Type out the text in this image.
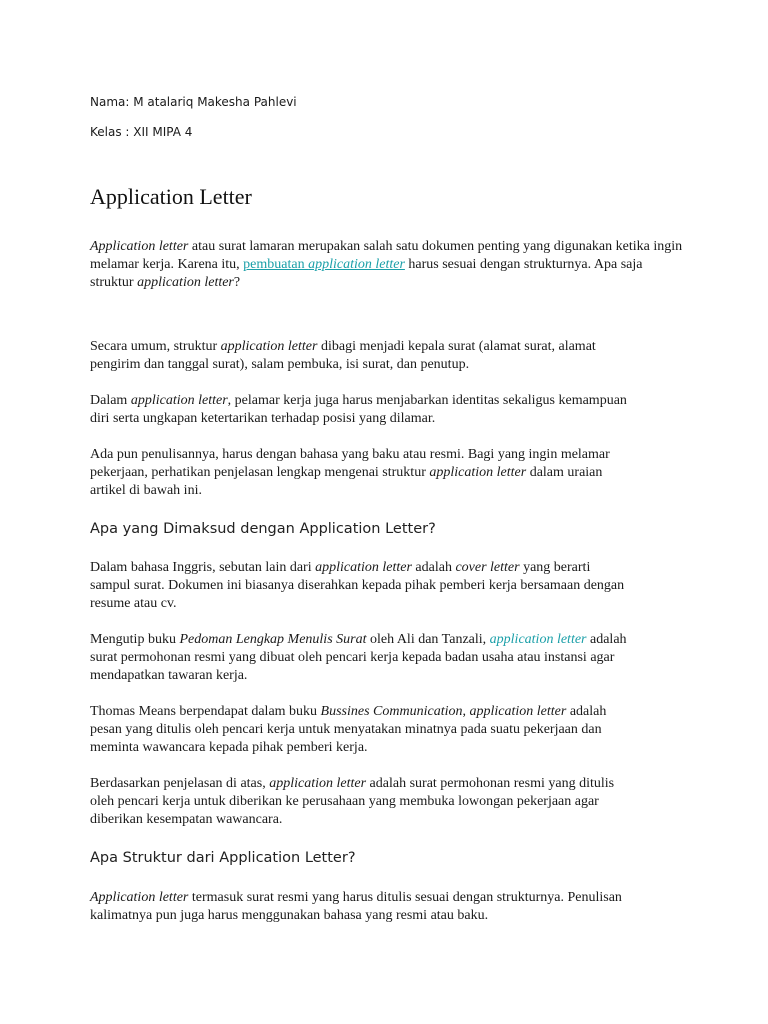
Nama: M atalariq Makesha Pahlevi
Kelas : XII MIPA 4
Application Letter
Application letter atau surat lamaran merupakan salah satu dokumen penting yang digunakan ketika ingin
melamar kerja. Karena itu, pembuatan application letter harus sesuai dengan strukturnya. Apa saja
struktur application letter?
Secara umum, struktur application letter dibagi menjadi kepala surat (alamat surat, alamat
pengirim dan tanggal surat), salam pembuka, isi surat, dan penutup.
Dalam application letter, pelamar kerja juga harus menjabarkan identitas sekaligus kemampuan
diri serta ungkapan ketertarikan terhadap posisi yang dilamar.
Ada pun penulisannya, harus dengan bahasa yang baku atau resmi. Bagi yang ingin melamar
pekerjaan, perhatikan penjelasan lengkap mengenai struktur application letter dalam uraian
artikel di bawah ini.
Apa yang Dimaksud dengan Application Letter?
Dalam bahasa Inggris, sebutan lain dari application letter adalah cover letter yang berarti
sampul surat. Dokumen ini biasanya diserahkan kepada pihak pemberi kerja bersamaan dengan
resume atau cv.
Mengutip buku Pedoman Lengkap Menulis Surat oleh Ali dan Tanzali, application letter adalah
surat permohonan resmi yang dibuat oleh pencari kerja kepada badan usaha atau instansi agar
mendapatkan tawaran kerja.
Thomas Means berpendapat dalam buku Bussines Communication, application letter adalah
pesan yang ditulis oleh pencari kerja untuk menyatakan minatnya pada suatu pekerjaan dan
meminta wawancara kepada pihak pemberi kerja.
Berdasarkan penjelasan di atas, application letter adalah surat permohonan resmi yang ditulis
oleh pencari kerja untuk diberikan ke perusahaan yang membuka lowongan pekerjaan agar
diberikan kesempatan wawancara.
Apa Struktur dari Application Letter?
Application letter termasuk surat resmi yang harus ditulis sesuai dengan strukturnya. Penulisan
kalimatnya pun juga harus menggunakan bahasa yang resmi atau baku.
